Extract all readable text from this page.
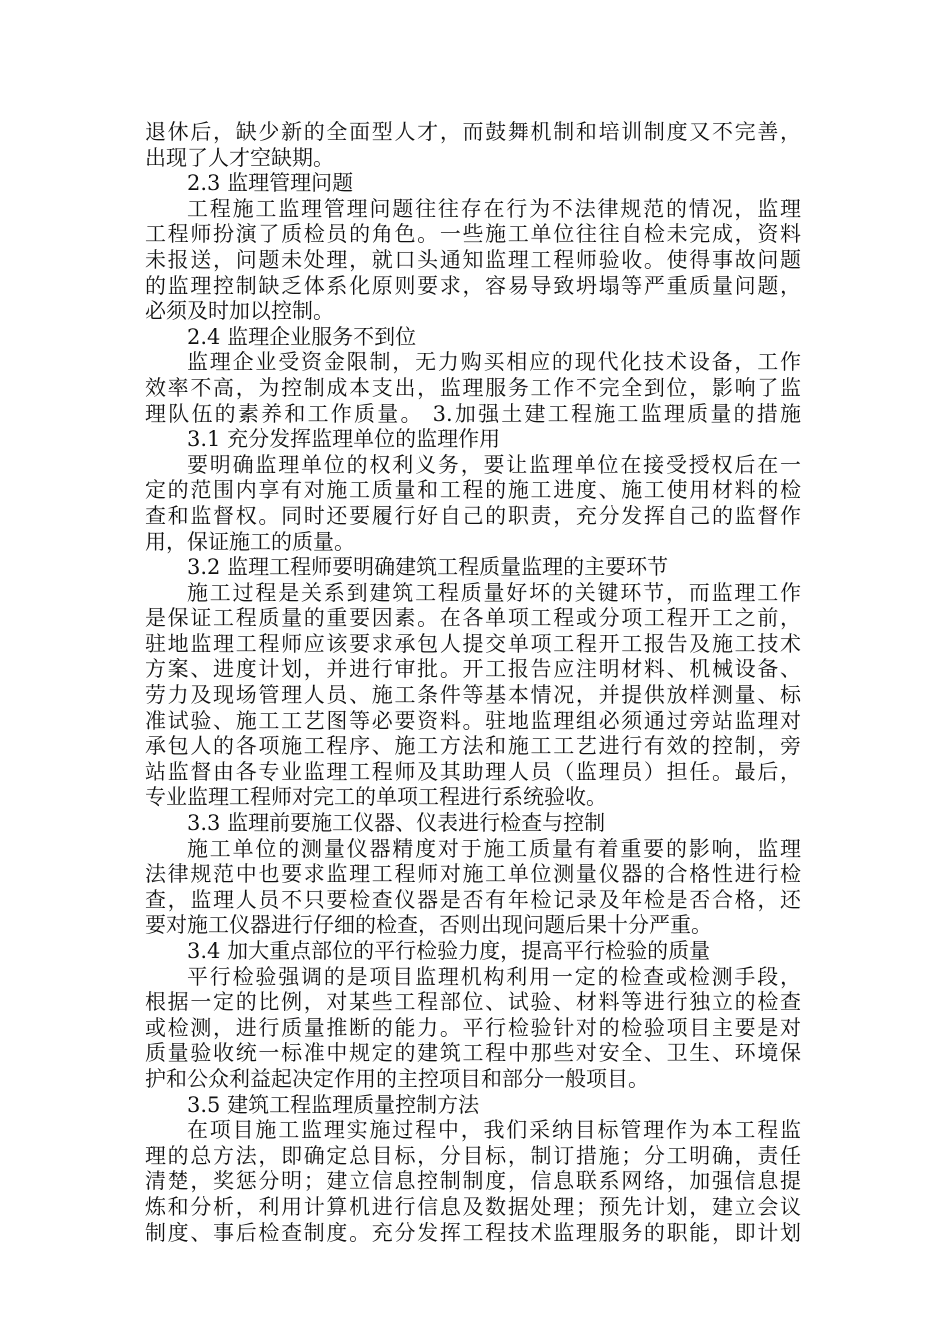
退休后，缺少新的全面型人才，而鼓舞机制和培训制度又不完善，
出现了人才空缺期。
2.3 监理管理问题
工程施工监理管理问题往往存在行为不法律规范的情况，监理
工程师扮演了质检员的角色。一些施工单位往往自检未完成，资料
未报送，问题未处理，就口头通知监理工程师验收。使得事故问题
的监理控制缺乏体系化原则要求，容易导致坍塌等严重质量问题，
必须及时加以控制。
2.4 监理企业服务不到位
监理企业受资金限制，无力购买相应的现代化技术设备，工作
效率不高，为控制成本支出，监理服务工作不完全到位，影响了监
理队伍的素养和工作质量。 3.加强土建工程施工监理质量的措施
3.1 充分发挥监理单位的监理作用
要明确监理单位的权利义务，要让监理单位在接受授权后在一
定的范围内享有对施工质量和工程的施工进度、施工使用材料的检
查和监督权。同时还要履行好自己的职责，充分发挥自己的监督作
用，保证施工的质量。
3.2 监理工程师要明确建筑工程质量监理的主要环节
施工过程是关系到建筑工程质量好坏的关键环节，而监理工作
是保证工程质量的重要因素。在各单项工程或分项工程开工之前，
驻地监理工程师应该要求承包人提交单项工程开工报告及施工技术
方案、进度计划，并进行审批。开工报告应注明材料、机械设备、
劳力及现场管理人员、施工条件等基本情况，并提供放样测量、标
准试验、施工工艺图等必要资料。驻地监理组必须通过旁站监理对
承包人的各项施工程序、施工方法和施工工艺进行有效的控制，旁
站监督由各专业监理工程师及其助理人员（监理员）担任。最后，
专业监理工程师对完工的单项工程进行系统验收。
3.3 监理前要施工仪器、仪表进行检查与控制
施工单位的测量仪器精度对于施工质量有着重要的影响，监理
法律规范中也要求监理工程师对施工单位测量仪器的合格性进行检
查，监理人员不只要检查仪器是否有年检记录及年检是否合格，还
要对施工仪器进行仔细的检查，否则出现问题后果十分严重。
3.4 加大重点部位的平行检验力度，提高平行检验的质量
平行检验强调的是项目监理机构利用一定的检查或检测手段，
根据一定的比例，对某些工程部位、试验、材料等进行独立的检查
或检测，进行质量推断的能力。平行检验针对的检验项目主要是对
质量验收统一标准中规定的建筑工程中那些对安全、卫生、环境保
护和公众利益起决定作用的主控项目和部分一般项目。
3.5 建筑工程监理质量控制方法
在项目施工监理实施过程中，我们采纳目标管理作为本工程监
理的总方法，即确定总目标，分目标，制订措施；分工明确，责任
清楚，奖惩分明；建立信息控制制度，信息联系网络，加强信息提
炼和分析，利用计算机进行信息及数据处理；预先计划，建立会议
制度、事后检查制度。充分发挥工程技术监理服务的职能，即计划
